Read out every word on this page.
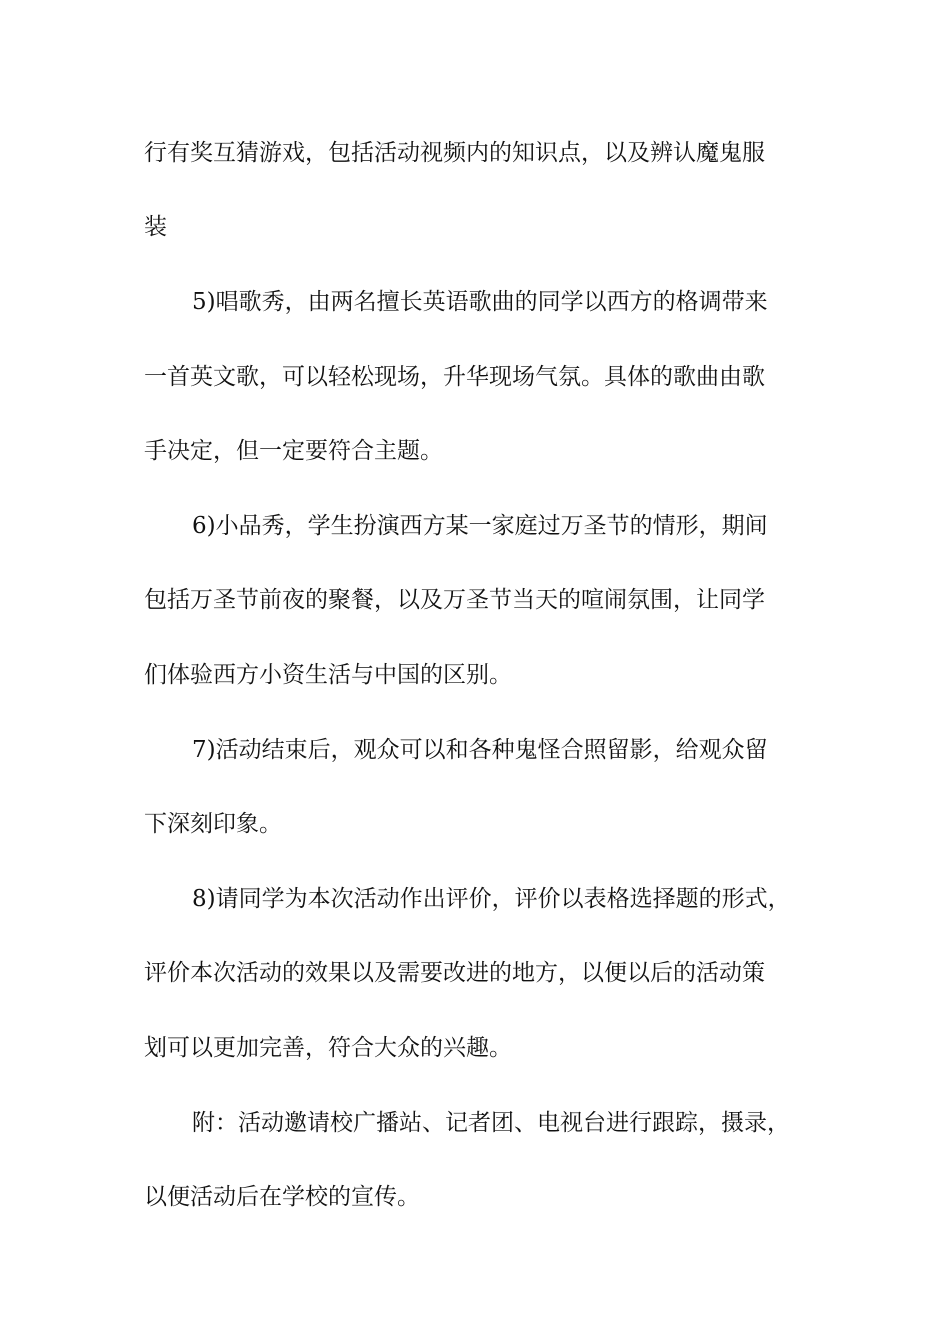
行有奖互猜游戏，包括活动视频内的知识点，以及辨认魔鬼服
装
5)唱歌秀，由两名擅长英语歌曲的同学以西方的格调带来
一首英文歌，可以轻松现场，升华现场气氛。具体的歌曲由歌
手决定，但一定要符合主题。
6)小品秀，学生扮演西方某一家庭过万圣节的情形，期间
包括万圣节前夜的聚餐，以及万圣节当天的喧闹氛围，让同学
们体验西方小资生活与中国的区别。
7)活动结束后，观众可以和各种鬼怪合照留影，给观众留
下深刻印象。
8)请同学为本次活动作出评价，评价以表格选择题的形式，
评价本次活动的效果以及需要改进的地方，以便以后的活动策
划可以更加完善，符合大众的兴趣。
附：活动邀请校广播站、记者团、电视台进行跟踪，摄录，
以便活动后在学校的宣传。
